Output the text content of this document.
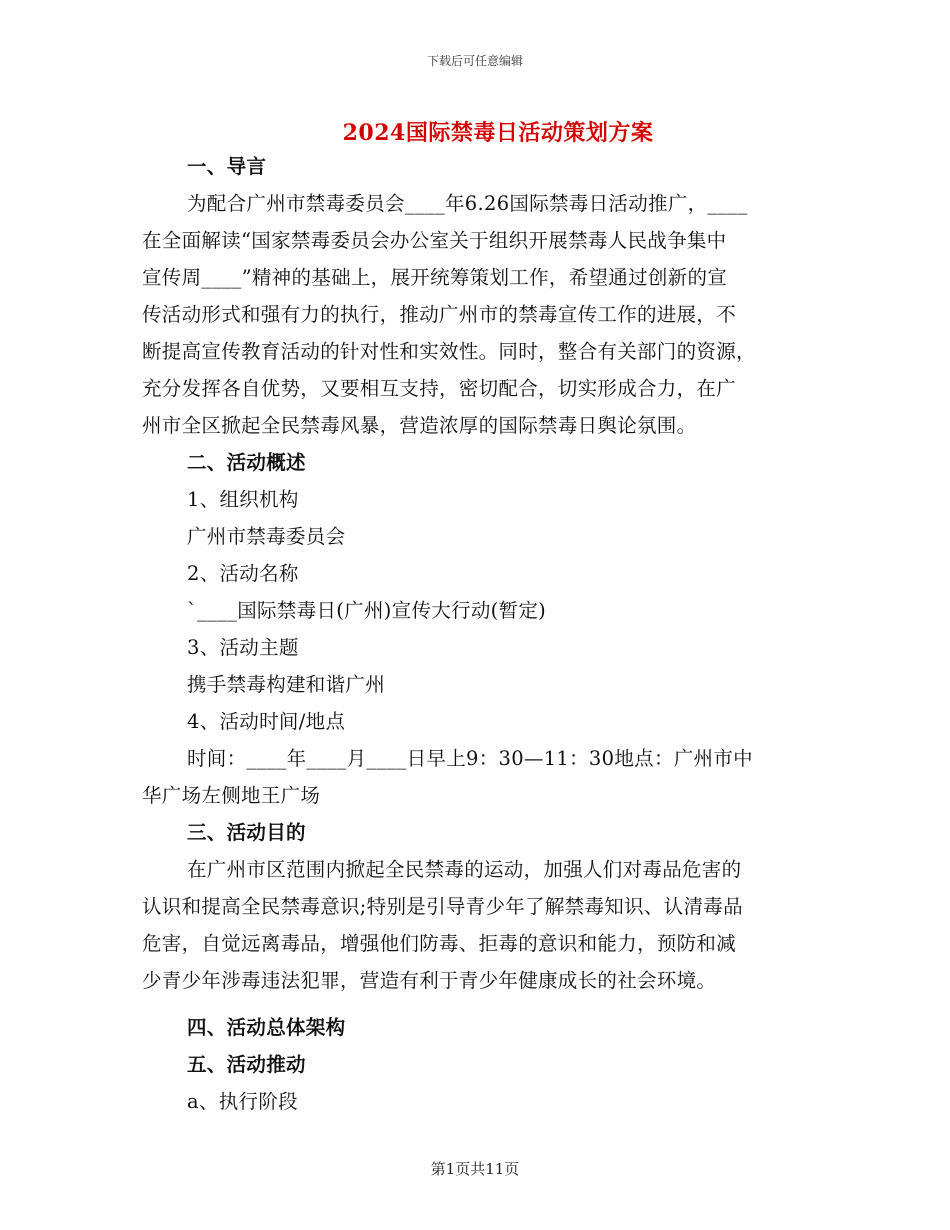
下载后可任意编辑
2024国际禁毒日活动策划方案
一、导言
为配合广州市禁毒委员会____年6.26国际禁毒日活动推广，____
在全面解读“国家禁毒委员会办公室关于组织开展禁毒人民战争集中
宣传周____”精神的基础上，展开统筹策划工作，希望通过创新的宣
传活动形式和强有力的执行，推动广州市的禁毒宣传工作的进展，不
断提高宣传教育活动的针对性和实效性。同时，整合有关部门的资源，
充分发挥各自优势，又要相互支持，密切配合，切实形成合力，在广
州市全区掀起全民禁毒风暴，营造浓厚的国际禁毒日舆论氛围。
二、活动概述
1、组织机构
广州市禁毒委员会
2、活动名称
`____国际禁毒日(广州)宣传大行动(暂定)
3、活动主题
携手禁毒构建和谐广州
4、活动时间/地点
时间：____年____月____日早上9：30—11：30地点：广州市中
华广场左侧地王广场
三、活动目的
在广州市区范围内掀起全民禁毒的运动，加强人们对毒品危害的
认识和提高全民禁毒意识;特别是引导青少年了解禁毒知识、认清毒品
危害，自觉远离毒品，增强他们防毒、拒毒的意识和能力，预防和减
少青少年涉毒违法犯罪，营造有利于青少年健康成长的社会环境。
四、活动总体架构
五、活动推动
a、执行阶段
第1页共11页
